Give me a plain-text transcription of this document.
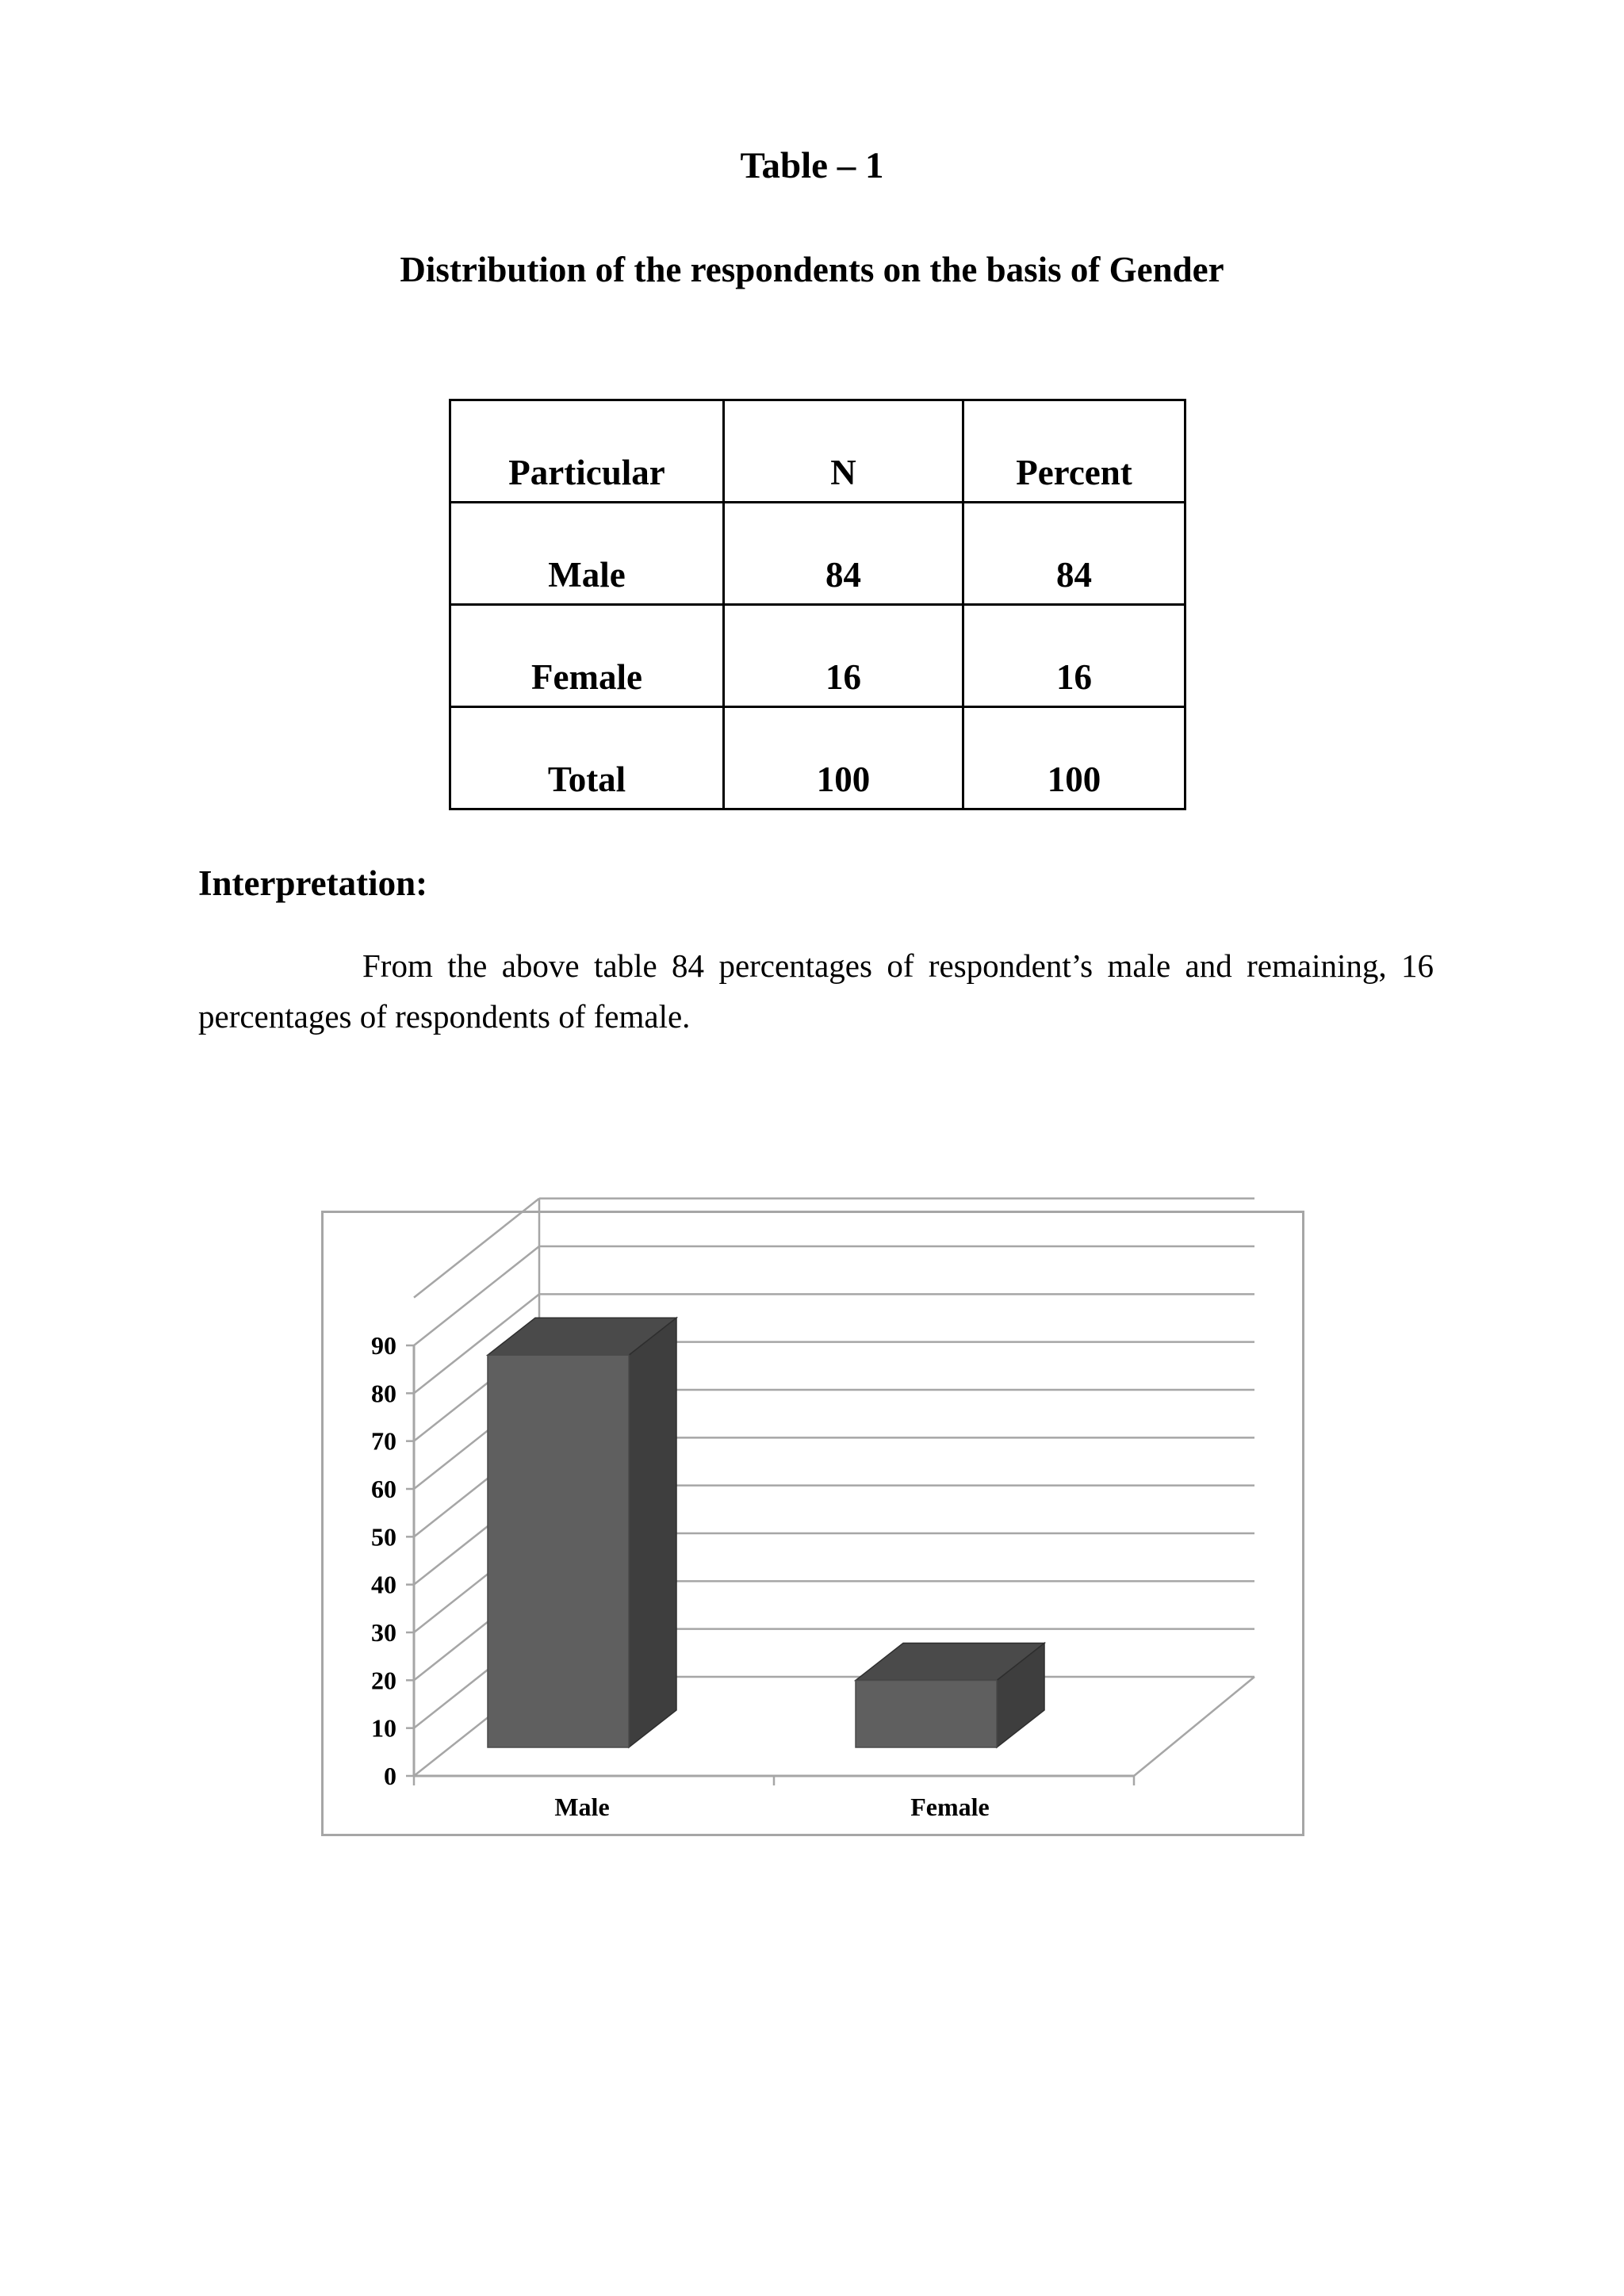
Table – 1
Distribution of the respondents on the basis of Gender
Particular	N	Percent
Male	84	84
Female	16	16
Total	100	100
Interpretation:

From the above table 84 percentages of respondent’s male and remaining, 16 percentages of respondents of female.

0
10
20
30
40
50
60
70
80
90
Male	Female
